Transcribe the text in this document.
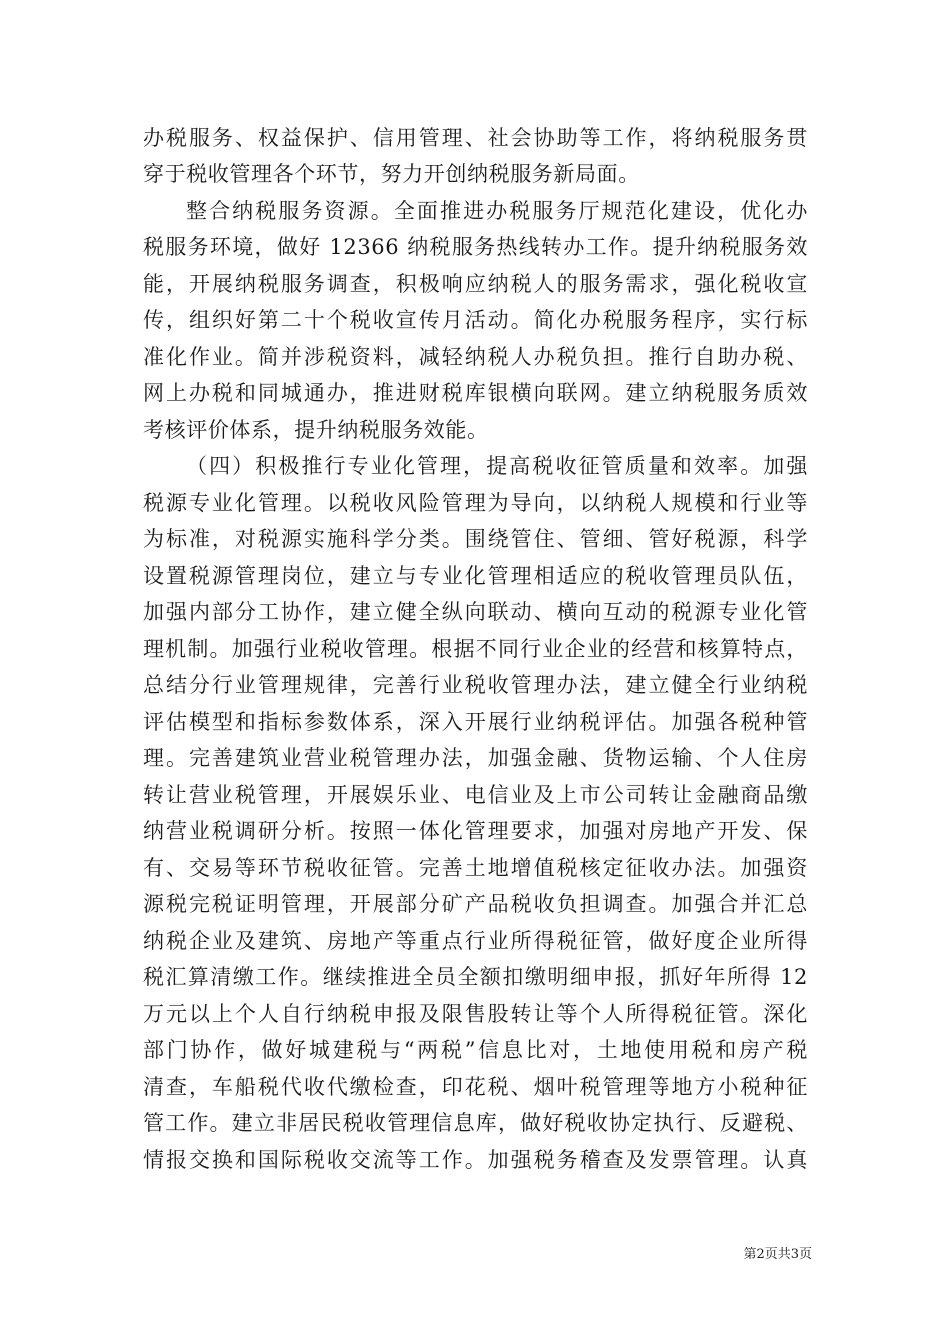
办税服务、权益保护、信用管理、社会协助等工作，将纳税服务贯
穿于税收管理各个环节，努力开创纳税服务新局面。
整合纳税服务资源。全面推进办税服务厅规范化建设，优化办
税服务环境，做好 12366 纳税服务热线转办工作。提升纳税服务效
能，开展纳税服务调查，积极响应纳税人的服务需求，强化税收宣
传，组织好第二十个税收宣传月活动。简化办税服务程序，实行标
准化作业。简并涉税资料，减轻纳税人办税负担。推行自助办税、
网上办税和同城通办，推进财税库银横向联网。建立纳税服务质效
考核评价体系，提升纳税服务效能。
（四）积极推行专业化管理，提高税收征管质量和效率。加强
税源专业化管理。以税收风险管理为导向，以纳税人规模和行业等
为标准，对税源实施科学分类。围绕管住、管细、管好税源，科学
设置税源管理岗位，建立与专业化管理相适应的税收管理员队伍，
加强内部分工协作，建立健全纵向联动、横向互动的税源专业化管
理机制。加强行业税收管理。根据不同行业企业的经营和核算特点，
总结分行业管理规律，完善行业税收管理办法，建立健全行业纳税
评估模型和指标参数体系，深入开展行业纳税评估。加强各税种管
理。完善建筑业营业税管理办法，加强金融、货物运输、个人住房
转让营业税管理，开展娱乐业、电信业及上市公司转让金融商品缴
纳营业税调研分析。按照一体化管理要求，加强对房地产开发、保
有、交易等环节税收征管。完善土地增值税核定征收办法。加强资
源税完税证明管理，开展部分矿产品税收负担调查。加强合并汇总
纳税企业及建筑、房地产等重点行业所得税征管，做好度企业所得
税汇算清缴工作。继续推进全员全额扣缴明细申报，抓好年所得 12
万元以上个人自行纳税申报及限售股转让等个人所得税征管。深化
部门协作，做好城建税与“两税”信息比对，土地使用税和房产税
清查，车船税代收代缴检查，印花税、烟叶税管理等地方小税种征
管工作。建立非居民税收管理信息库，做好税收协定执行、反避税、
情报交换和国际税收交流等工作。加强税务稽查及发票管理。认真
第2页共3页
